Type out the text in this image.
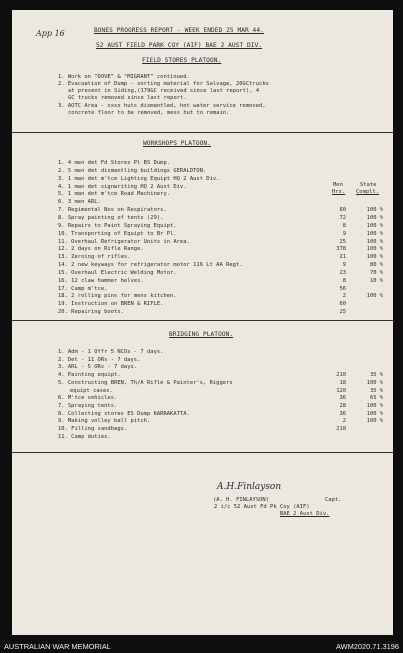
App 16	BONES PROGRESS REPORT - WEEK ENDED 25 MAR 44.
52 AUST FIELD PARK COY (AIF) BAE 2 AUST DIV.
FIELD STORES PLATOON.
1. Work on "DOVE" & "MIGRANT" continued.
2. Evacuation of Dump - sorting material for Salvage, 20GCtrucks
at present in Siding,(179GC received since last report), 4
GC trucks removed since last report.
3. AOTC Area - xxxx huts dismantled, hot water service removed,
concrete floor to be removed, mess hut to remain.
WORKSHOPS PLATOON.
Men	State
Hrs. Complt.
1. 4 men det Fd Stores Pl BS Dump.
2. 5 men det dismantling buildings GERALDTON.
3. 1 man det m'tce Lighting Equipt HQ 2 Aust Div.
4. 1 man det signwriting HQ 2 Aust Div.
5. 1 man det m'tce Road Machinery.
6. 3 men ARL.
7. Regimental Nos on Respirators.	60	100 %
8. Spray painting of tents (29).	72	100 %
9. Repairs to Paint Spraying Equipt.	8	100 %
10. Transporting of Equipt to Br Pl.	9	100 %
11. Overhaul Refrigerator Units in Area.	25	100 %
12. 2 days on Rifle Range.	378	100 %
13. Zeroing of rifles.	21	100 %
14. 2 new keyways for refrigerator motor 116 Lt AA Regt.	9	80 %
15. Overhaul Electric Welding Motor.	23	70 %
16. 12 claw hammer helves.	8	10 %
17. Camp m'tce.	56
18. 2 rolling pins for mens kitchen.	2	100 %
19. Instruction on BREN & RIFLE.	60
20. Repairing boots.	25
BRIDGING PLATOON.
1. Adm - 1 Offr 5 NCOs - 7 days.
2. Det - 11 ORs - 7 days.
3. ARL - 5 ORs - 7 days.
4. Painting equipt.	210	35 %
5. Constructing BREN, Th/A Rifle & Painter's, Riggers	18	100 %
equipt cases.	120	35 %
6. M'tce vehicles.	36	65 %
7. Spraying tents.	28	100 %
8. Collecting stores ES Dump KARRAKATTA.	36	100 %
9. Making volley ball pitch.	2	100 %
10. Filling sandbags.	210
11. Camp duties.
A.H.Finlayson
(A. H. FINLAYSON)	Capt.
2 i/c 52 Aust Fd Pk Coy (AIF)
BAE 2 Aust Div.
AUSTRALIAN WAR MEMORIAL	AWM2020.71.3196
